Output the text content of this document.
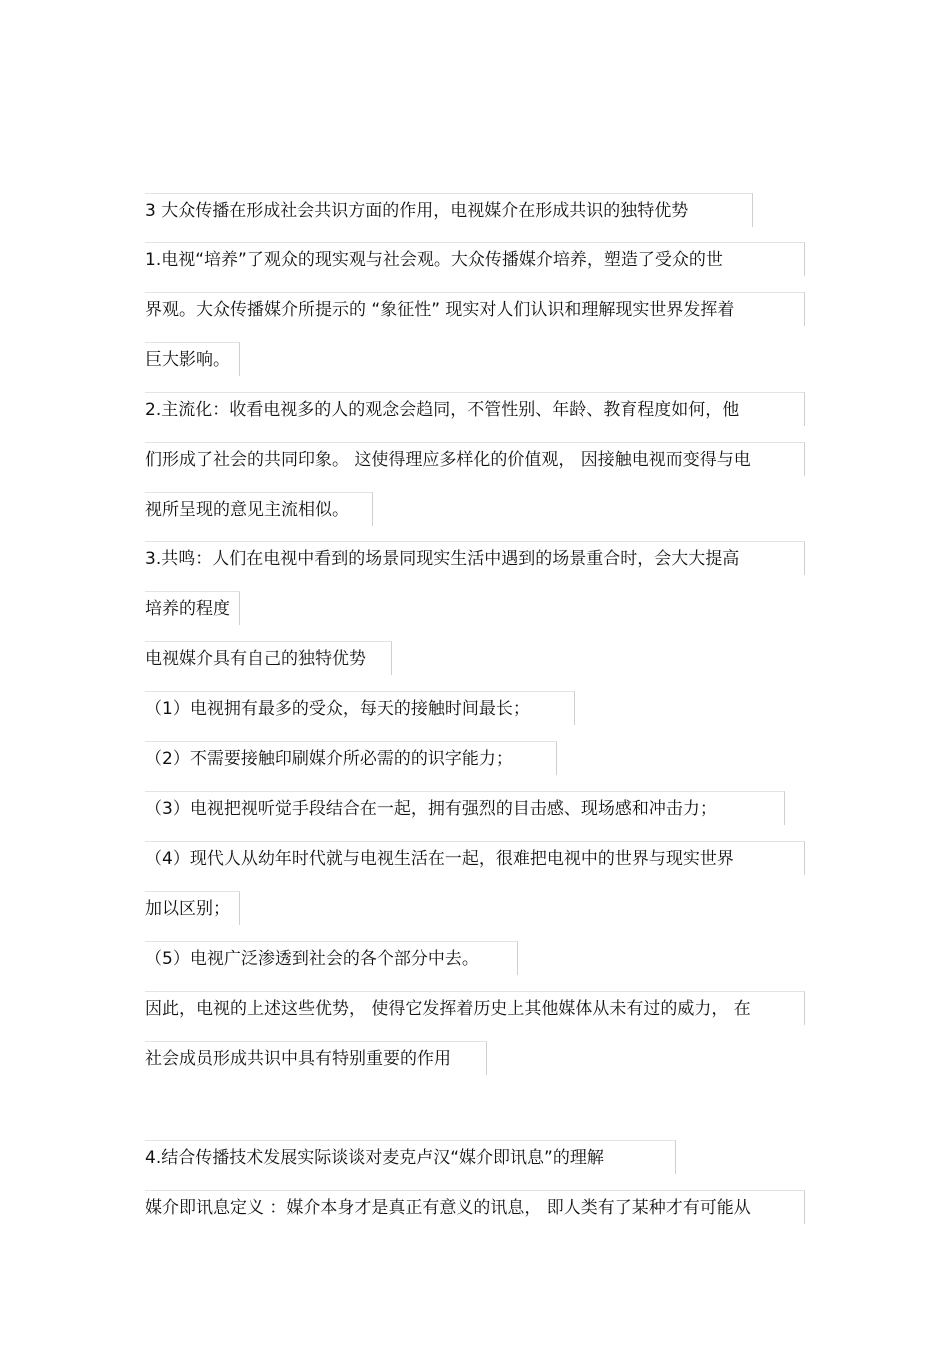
3 大众传播在形成社会共识方面的作用，电视媒介在形成共识的独特优势
1.电视“培养”了观众的现实观与社会观。大众传播媒介培养，塑造了受众的世
界观。大众传播媒介所提示的 “象征性” 现实对人们认识和理解现实世界发挥着
巨大影响。
2.主流化：收看电视多的人的观念会趋同，不管性别、年龄、教育程度如何，他
们形成了社会的共同印象。 这使得理应多样化的价值观， 因接触电视而变得与电
视所呈现的意见主流相似。
3.共鸣：人们在电视中看到的场景同现实生活中遇到的场景重合时，会大大提高
培养的程度
电视媒介具有自己的独特优势
（1）电视拥有最多的受众，每天的接触时间最长；
（2）不需要接触印刷媒介所必需的的识字能力；
（3）电视把视听觉手段结合在一起，拥有强烈的目击感、现场感和冲击力；
（4）现代人从幼年时代就与电视生活在一起，很难把电视中的世界与现实世界
加以区别；
（5）电视广泛渗透到社会的各个部分中去。
因此，电视的上述这些优势， 使得它发挥着历史上其他媒体从未有过的威力， 在
社会成员形成共识中具有特别重要的作用
4.结合传播技术发展实际谈谈对麦克卢汉“媒介即讯息”的理解
媒介即讯息定义 ：媒介本身才是真正有意义的讯息， 即人类有了某种才有可能从
